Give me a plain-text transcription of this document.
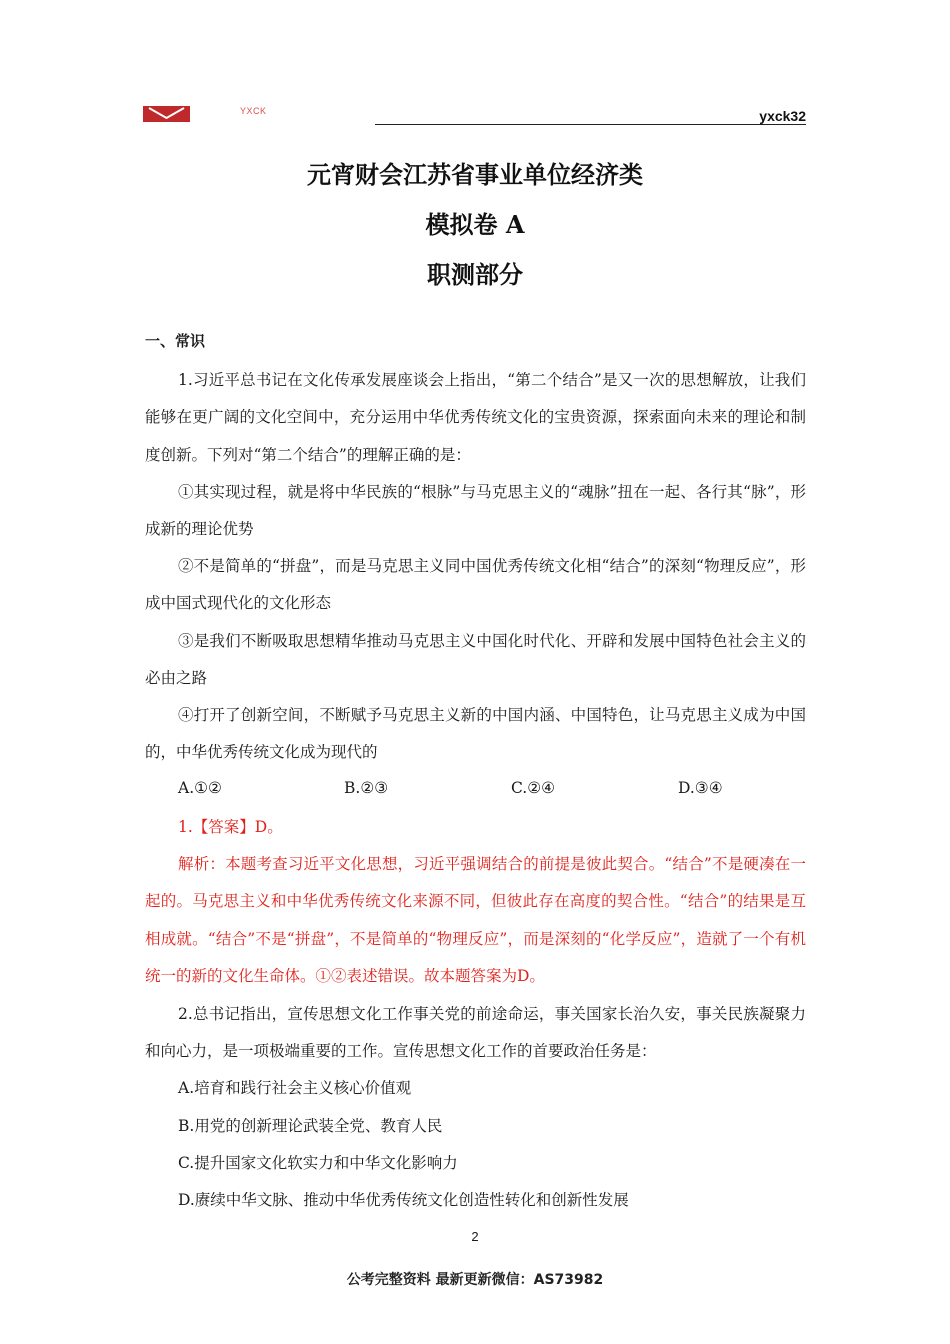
YXCK	yxck32
元宵财会江苏省事业单位经济类
模拟卷 A
职测部分
一、常识

1.习近平总书记在文化传承发展座谈会上指出，“第二个结合”是又一次的思想解放，让我们能够在更广阔的文化空间中，充分运用中华优秀传统文化的宝贵资源，探索面向未来的理论和制度创新。下列对“第二个结合”的理解正确的是：

①其实现过程，就是将中华民族的“根脉”与马克思主义的“魂脉”扭在一起、各行其“脉”，形成新的理论优势

②不是简单的“拼盘”，而是马克思主义同中国优秀传统文化相“结合”的深刻“物理反应”，形成中国式现代化的文化形态

③是我们不断吸取思想精华推动马克思主义中国化时代化、开辟和发展中国特色社会主义的必由之路

④打开了创新空间，不断赋予马克思主义新的中国内涵、中国特色，让马克思主义成为中国的，中华优秀传统文化成为现代的

A.①②	B.②③	C.②④	D.③④

1.【答案】D。

解析：本题考查习近平文化思想，习近平强调结合的前提是彼此契合。“结合”不是硬凑在一起的。马克思主义和中华优秀传统文化来源不同，但彼此存在高度的契合性。“结合”的结果是互相成就。“结合”不是“拼盘”，不是简单的“物理反应”，而是深刻的“化学反应”，造就了一个有机统一的新的文化生命体。①②表述错误。故本题答案为D。

2.总书记指出，宣传思想文化工作事关党的前途命运，事关国家长治久安，事关民族凝聚力和向心力，是一项极端重要的工作。宣传思想文化工作的首要政治任务是：

A.培育和践行社会主义核心价值观

B.用党的创新理论武装全党、教育人民

C.提升国家文化软实力和中华文化影响力

D.赓续中华文脉、推动中华优秀传统文化创造性转化和创新性发展

2
公考完整资料 最新更新微信：AS73982
